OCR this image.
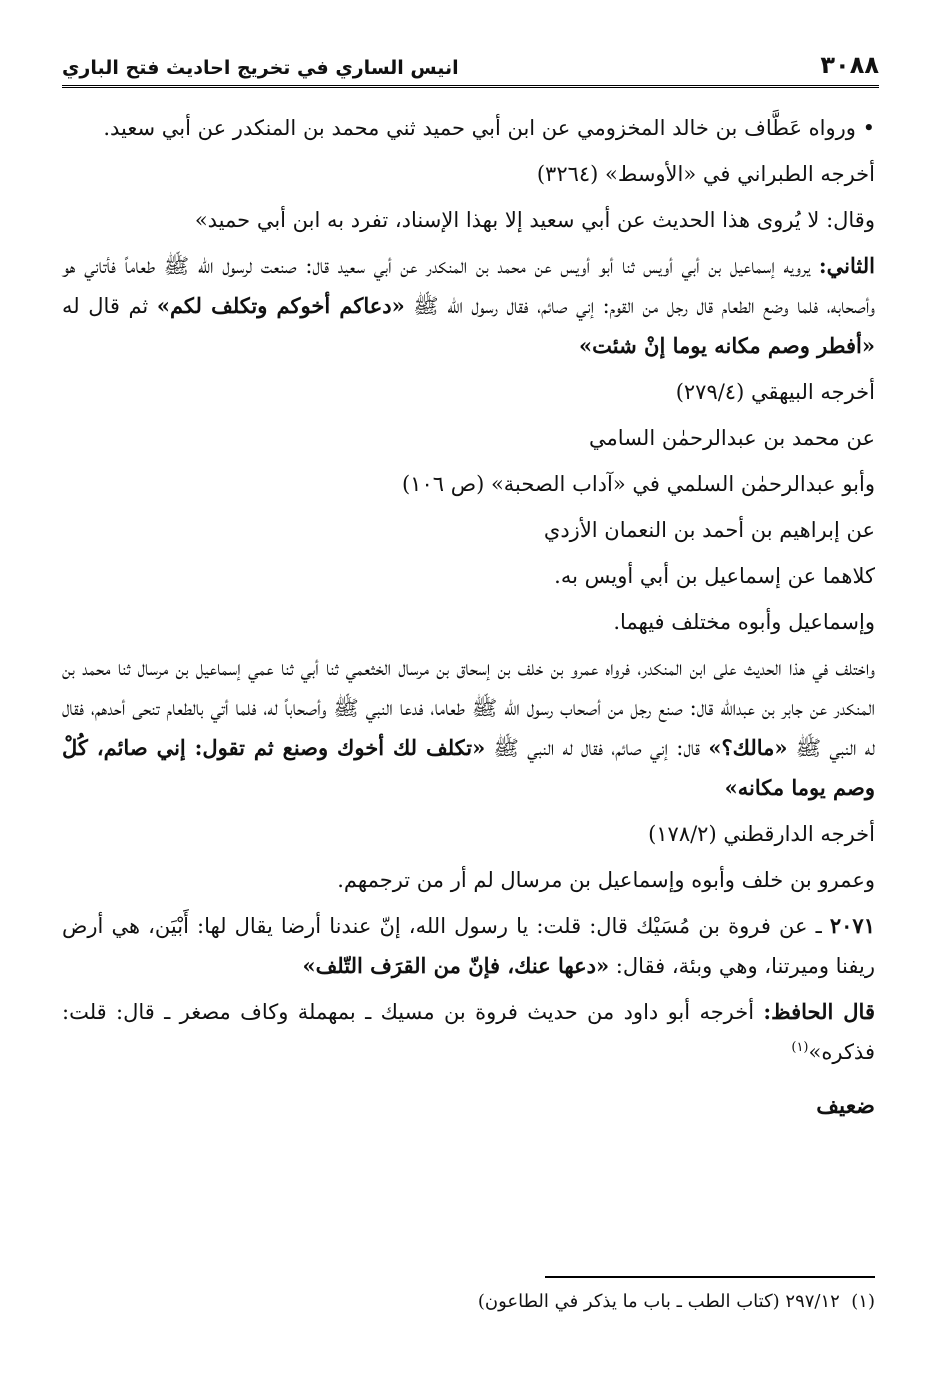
٣٠٨٨
انيس الساري في تخريج احاديث فتح الباري

• ورواه عَطَّاف بن خالد المخزومي عن ابن أبي حميد ثني محمد بن المنكدر عن أبي سعيد.

أخرجه الطبراني في «الأوسط» (٣٢٦٤)

وقال: لا يُروى هذا الحديث عن أبي سعيد إلا بهذا الإسناد، تفرد به ابن أبي حميد»

الثاني: يرويه إسماعيل بن أبي أويس ثنا أبو أويس عن محمد بن المنكدر عن أبي سعيد قال: صنعت لرسول الله ﷺ طعاماً فأتاني هو وأصحابه، فلما وضع الطعام قال رجل من القوم: إني صائم، فقال رسول الله ﷺ «دعاكم أخوكم وتكلف لكم» ثم قال له «أفطر وصم مكانه يوما إنْ شئت»

أخرجه البيهقي (٢٧٩/٤)

عن محمد بن عبدالرحمٰن السامي

وأبو عبدالرحمٰن السلمي في «آداب الصحبة» (ص ١٠٦)

عن إبراهيم بن أحمد بن النعمان الأزدي

كلاهما عن إسماعيل بن أبي أويس به.

وإسماعيل وأبوه مختلف فيهما.

واختلف في هذا الحديث على ابن المنكدر، فرواه عمرو بن خلف بن إسحاق بن مرسال الخثعمي ثنا أبي ثنا عمي إسماعيل بن مرسال ثنا محمد بن المنكدر عن جابر بن عبدالله قال: صنع رجل من أصحاب رسول الله ﷺ طعاما، فدعا النبي ﷺ وأصحاباً له، فلما أتي بالطعام تنحى أحدهم، فقال له النبي ﷺ «مالك؟» قال: إني صائم، فقال له النبي ﷺ «تكلف لك أخوك وصنع ثم تقول: إني صائم، كُلْ وصم يوما مكانه»

أخرجه الدارقطني (١٧٨/٢)

وعمرو بن خلف وأبوه وإسماعيل بن مرسال لم أر من ترجمهم.

٢٠٧١ ـ عن فروة بن مُسَيْك قال: قلت: يا رسول الله، إنّ عندنا أرضا يقال لها: أَبْيَن، هي أرض ريفنا وميرتنا، وهي وبئة، فقال: «دعها عنك، فإنّ من القرَف التّلف»

قال الحافظ: أخرجه أبو داود من حديث فروة بن مسيك ـ بمهملة وكاف مصغر ـ قال: قلت: فذكره»$^{(١)}$

ضعيف

(١)  ٢٩٧/١٢ (كتاب الطب ـ باب ما يذكر في الطاعون)
